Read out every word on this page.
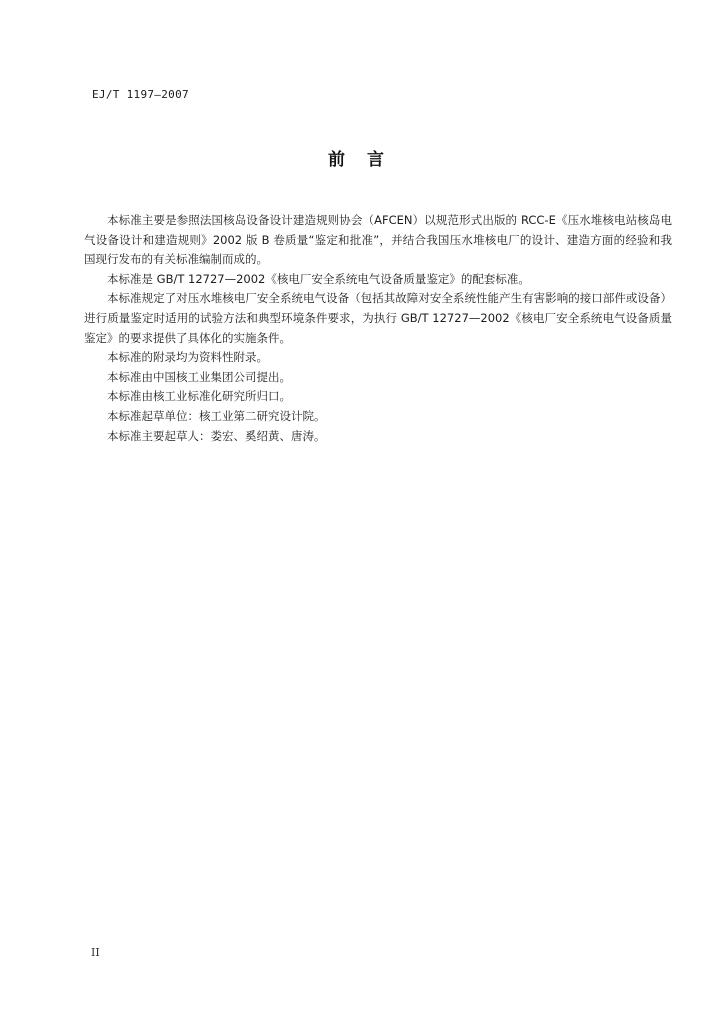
EJ/T 1197—2007
前言

本标准主要是参照法国核岛设备设计建造规则协会（AFCEN）以规范形式出版的 RCC-E《压水堆核电站核岛电气设备设计和建造规则》2002 版 B 卷质量“鉴定和批准”，并结合我国压水堆核电厂的设计、建造方面的经验和我国现行发布的有关标准编制而成的。

本标准是 GB/T 12727—2002《核电厂安全系统电气设备质量鉴定》的配套标准。

本标准规定了对压水堆核电厂安全系统电气设备（包括其故障对安全系统性能产生有害影响的接口部件或设备）进行质量鉴定时适用的试验方法和典型环境条件要求，为执行 GB/T 12727—2002《核电厂安全系统电气设备质量鉴定》的要求提供了具体化的实施条件。

本标准的附录均为资料性附录。

本标准由中国核工业集团公司提出。

本标准由核工业标准化研究所归口。

本标准起草单位：核工业第二研究设计院。

本标准主要起草人：娄宏、奚绍黄、唐涛。

II
